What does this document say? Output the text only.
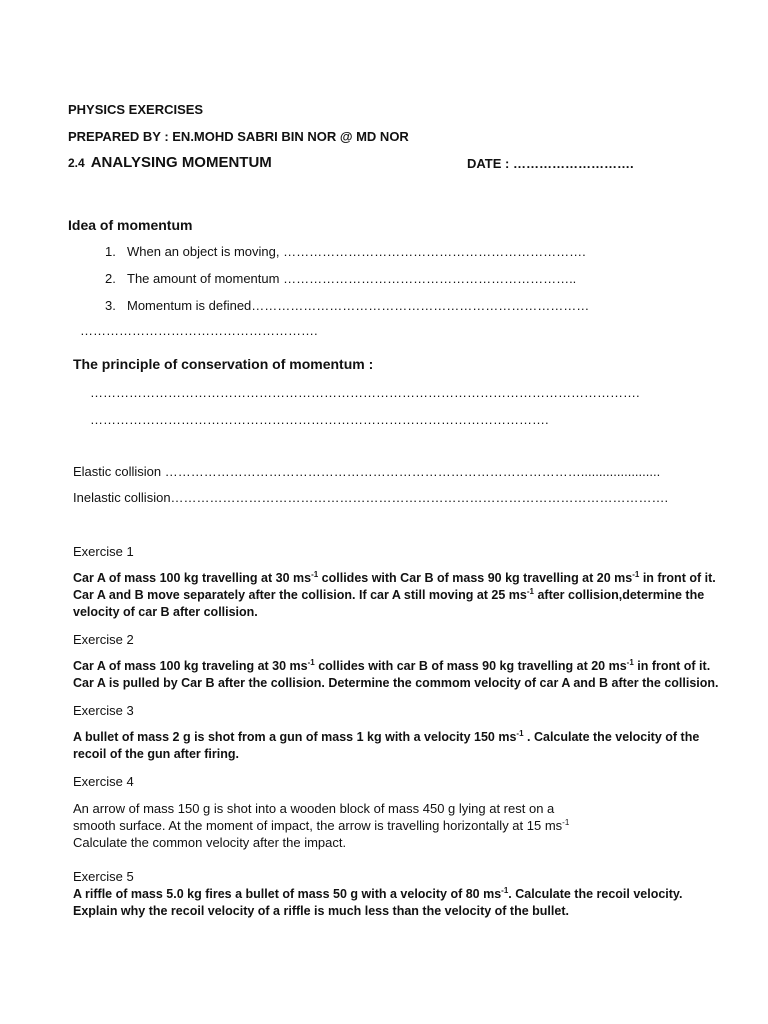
PHYSICS EXERCISES
PREPARED BY : EN.MOHD SABRI BIN NOR @ MD NOR
2.4 ANALYSING MOMENTUM	DATE : ……………………….
Idea of momentum
1. When an object is moving, …………………………………………………………….
2. The amount of momentum …………………………………………………………..
3. Momentum is defined……………………………………………………………………
……………………………………………….
The principle of conservation of momentum :
……………………………………………………………………………………………………………….
…………………………………………………………………………………………….
Elastic collision ……………………………………………………………………………………......................
Inelastic collision…………………………………………………………………………………………………….
Exercise 1
Car A of mass 100 kg travelling at 30 $ms^{-1}$ collides with Car B of mass 90 kg travelling at 20 $ms^{-1}$ in front of it.
Car A and B move separately after the collision. If car A still moving at 25 $ms^{-1}$ after collision,determine the
velocity of car B after collision.
Exercise 2
Car A of mass 100 kg traveling at 30 $ms^{-1}$ collides with car B of mass 90 kg travelling at 20 $ms^{-1}$ in front of it.
Car A is pulled by Car B after the collision. Determine the commom velocity of car A and B after the collision.
Exercise 3
A bullet of mass 2 g is shot from a gun of mass 1 kg with a velocity 150 $ms^{-1}$ . Calculate the velocity of the
recoil of the gun after firing.
Exercise 4
An arrow of mass 150 g is shot into a wooden block of mass 450 g lying at rest on a
smooth surface. At the moment of impact, the arrow is travelling horizontally at 15 $ms^{-1}$
Calculate the common velocity after the impact.
Exercise 5
A riffle of mass 5.0 kg fires a bullet of mass 50 g with a velocity of 80 $ms^{-1}$. Calculate the recoil velocity.
Explain why the recoil velocity of a riffle is much less than the velocity of the bullet.
